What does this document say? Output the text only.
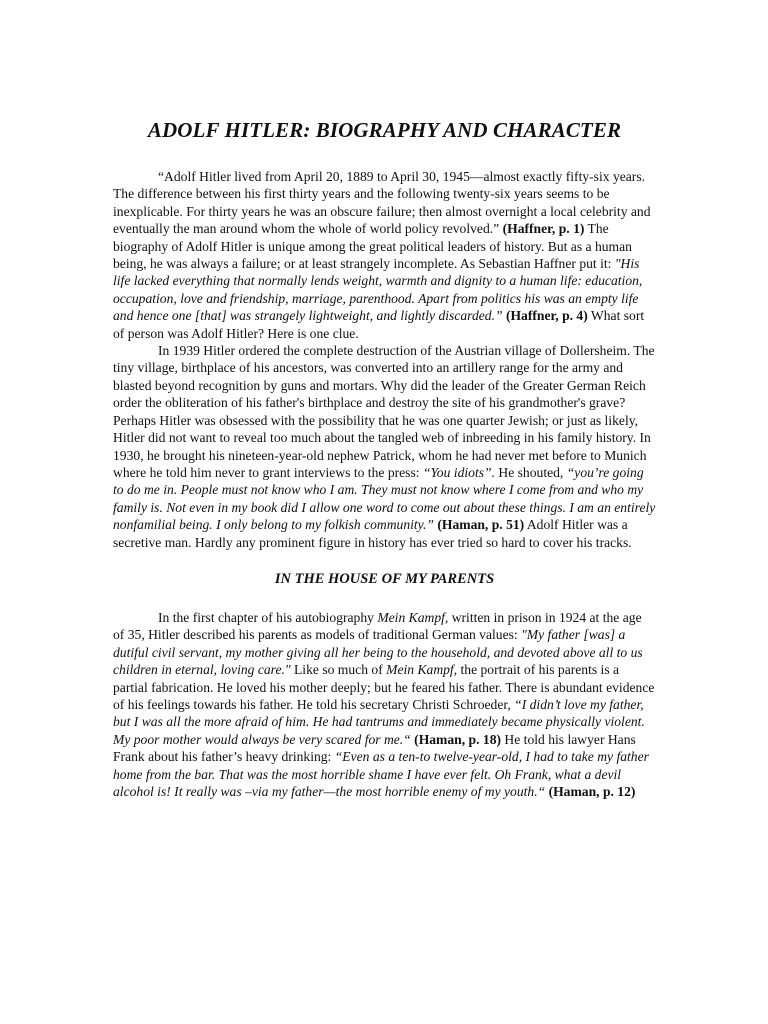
ADOLF HITLER: BIOGRAPHY AND CHARACTER

“Adolf Hitler lived from April 20, 1889 to April 30, 1945—almost exactly fifty-six years. The difference between his first thirty years and the following twenty-six years seems to be inexplicable. For thirty years he was an obscure failure; then almost overnight a local celebrity and eventually the man around whom the whole of world policy revolved.” (Haffner, p. 1) The biography of Adolf Hitler is unique among the great political leaders of history. But as a human being, he was always a failure; or at least strangely incomplete. As Sebastian Haffner put it: "His life lacked everything that normally lends weight, warmth and dignity to a human life: education, occupation, love and friendship, marriage, parenthood. Apart from politics his was an empty life and hence one [that] was strangely lightweight, and lightly discarded.” (Haffner, p. 4) What sort of person was Adolf Hitler? Here is one clue.

In 1939 Hitler ordered the complete destruction of the Austrian village of Dollersheim. The tiny village, birthplace of his ancestors, was converted into an artillery range for the army and blasted beyond recognition by guns and mortars. Why did the leader of the Greater German Reich order the obliteration of his father's birthplace and destroy the site of his grandmother's grave? Perhaps Hitler was obsessed with the possibility that he was one quarter Jewish; or just as likely, Hitler did not want to reveal too much about the tangled web of inbreeding in his family history. In 1930, he brought his nineteen-year-old nephew Patrick, whom he had never met before to Munich where he told him never to grant interviews to the press: “You idiots”. He shouted, “you’re going to do me in. People must not know who I am. They must not know where I come from and who my family is. Not even in my book did I allow one word to come out about these things. I am an entirely nonfamilial being. I only belong to my folkish community.” (Haman, p. 51) Adolf Hitler was a secretive man. Hardly any prominent figure in history has ever tried so hard to cover his tracks.

IN THE HOUSE OF MY PARENTS

In the first chapter of his autobiography Mein Kampf, written in prison in 1924 at the age of 35, Hitler described his parents as models of traditional German values: "My father [was] a dutiful civil servant, my mother giving all her being to the household, and devoted above all to us children in eternal, loving care." Like so much of Mein Kampf, the portrait of his parents is a partial fabrication. He loved his mother deeply; but he feared his father. There is abundant evidence of his feelings towards his father. He told his secretary Christi Schroeder, “I didn’t love my father, but I was all the more afraid of him. He had tantrums and immediately became physically violent. My poor mother would always be very scared for me.“ (Haman, p. 18) He told his lawyer Hans Frank about his father’s heavy drinking: “Even as a ten-to twelve-year-old, I had to take my father home from the bar. That was the most horrible shame I have ever felt. Oh Frank, what a devil alcohol is! It really was –via my father—the most horrible enemy of my youth.“ (Haman, p. 12)
